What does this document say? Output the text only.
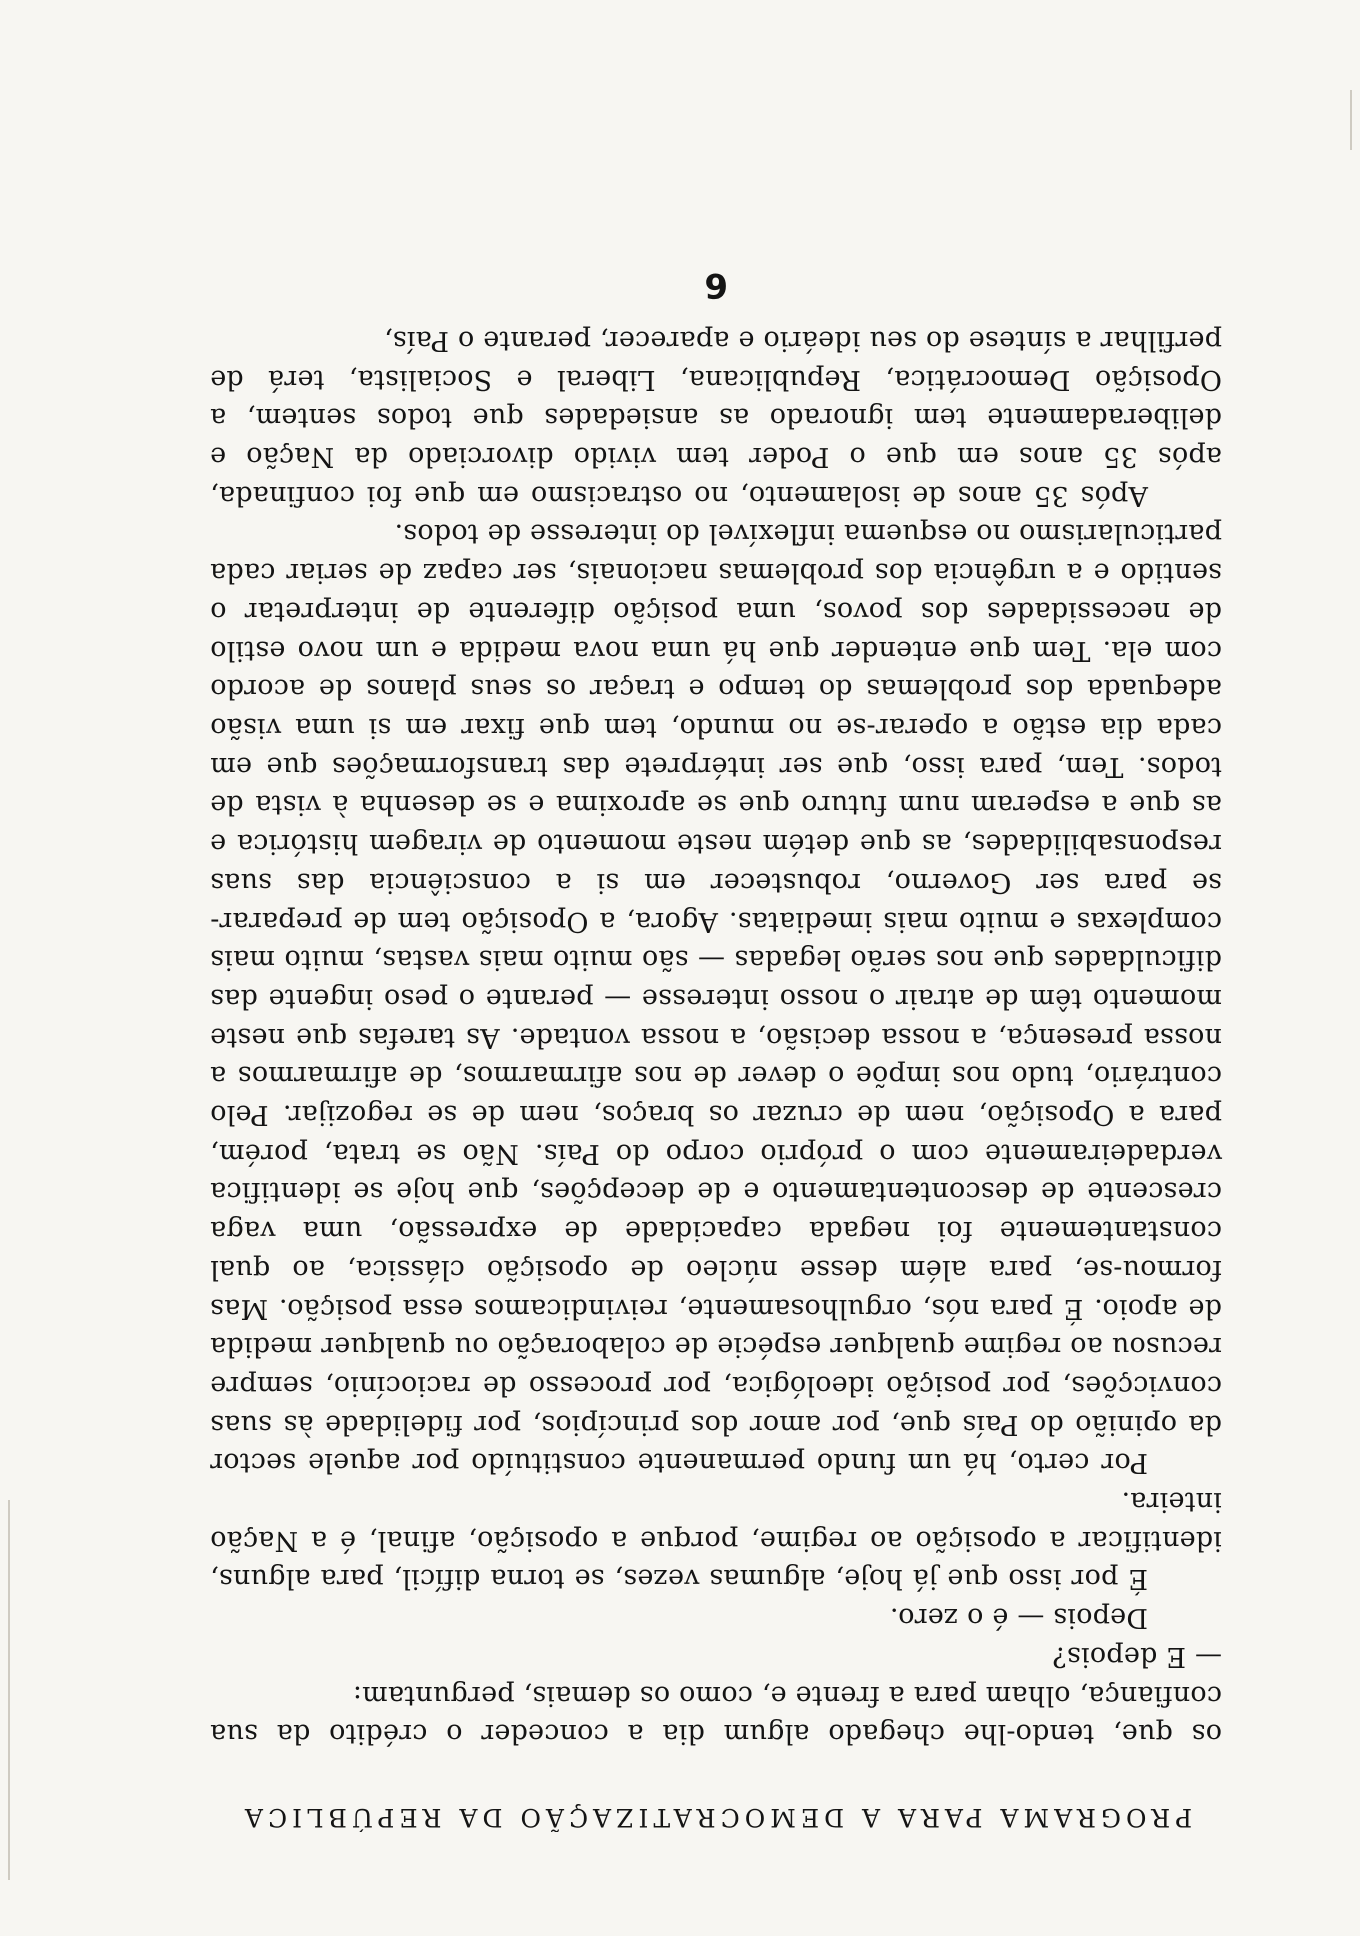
PROGRAMA PARA A DEMOCRATIZAÇÃO DA REPÚBLICA

os que, tendo-lhe chegado algum dia a conceder o crédito da sua confiança, olham para a frente e, como os demais, perguntam:

— E depois?

Depois — é o zero.

É por isso que já hoje, algumas vezes, se torna difícil, para alguns, identificar a oposição ao regime, porque a oposição, afinal, é a Nação inteira.

Por certo, há um fundo permanente constituído por aquele sector da opinião do País que, por amor dos princípios, por fidelidade às suas convicções, por posição ideológica, por processo de raciocínio, sempre recusou ao regime qualquer espécie de colaboração ou qualquer medida de apoio. É para nós, orgulhosamente, reivindicamos essa posição. Mas formou-se, para além desse núcleo de oposição clássica, ao qual constantemente foi negada capacidade de expressão, uma vaga crescente de descontentamento e de decepções, que hoje se identifica verdadeiramente com o próprio corpo do País. Não se trata, porém, para a Oposição, nem de cruzar os braços, nem de se regozijar. Pelo contrário, tudo nos impõe o dever de nos afirmarmos, de afirmarmos a nossa presença, a nossa decisão, a nossa vontade. As tarefas que neste momento têm de atrair o nosso interesse — perante o peso ingente das dificuldades que nos serão legadas — são muito mais vastas, muito mais complexas e muito mais imediatas. Agora, a Oposição tem de preparar-se para ser Governo, robustecer em si a consciência das suas responsabilidades, as que detém neste momento de viragem histórica e as que a esperam num futuro que se aproxima e se desenha à vista de todos. Tem, para isso, que ser intérprete das transformações que em cada dia estão a operar-se no mundo, tem que fixar em si uma visão adequada dos problemas do tempo e traçar os seus planos de acordo com ela. Tem que entender que há uma nova medida e um novo estilo de necessidades dos povos, uma posição diferente de interpretar o sentido e a urgência dos problemas nacionais, ser capaz de seriar cada particularismo no esquema inflexível do interesse de todos.

Após 35 anos de isolamento, no ostracismo em que foi confinada, após 35 anos em que o Poder tem vivido divorciado da Nação e deliberadamente tem ignorado as ansiedades que todos sentem, a Oposição Democrática, Republicana, Liberal e Socialista, terá de perfilhar a síntese do seu ideário e aparecer, perante o País,

6
